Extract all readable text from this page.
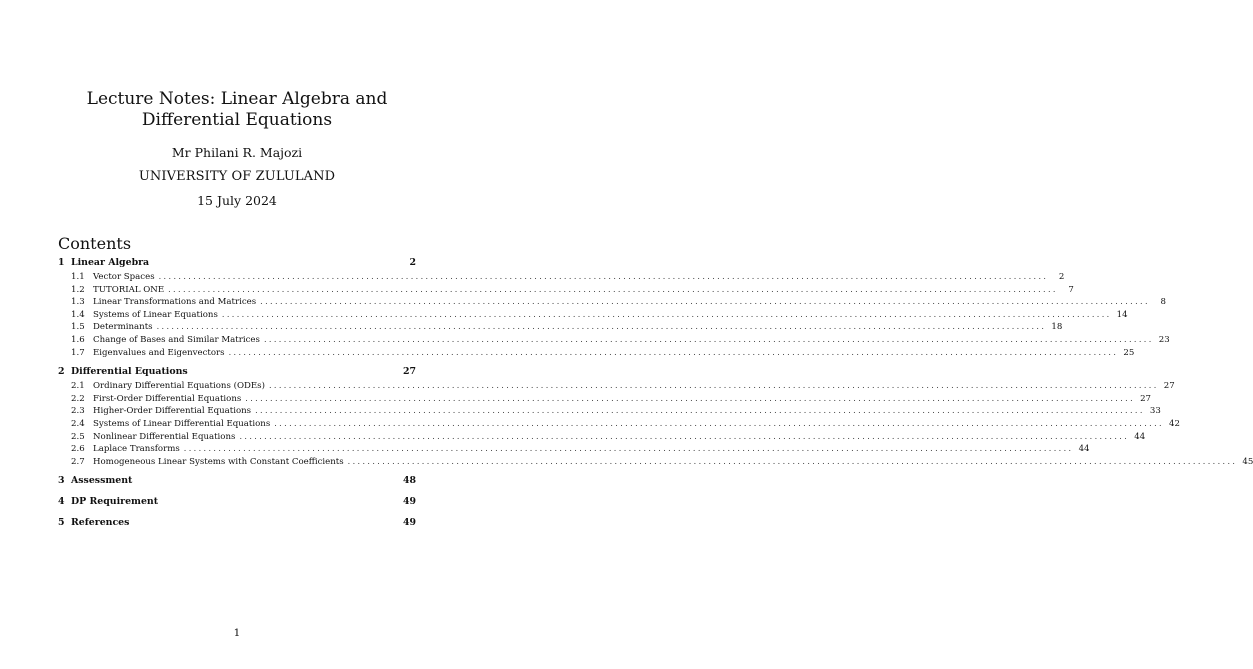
Lecture Notes: Linear Algebra and Differential Equations
Mr Philani R. Majozi
UNIVERSITY OF ZULULAND
15 July 2024
Contents
1 Linear Algebra	2
1.1 Vector Spaces ....................................................................................................................................................................................	2
1.2 TUTORIAL ONE ....................................................................................................................................................................................	7
1.3 Linear Transformations and Matrices ....................................................................................................................................................................................	8
1.4 Systems of Linear Equations .................................................................................................................................................................................... 14
1.5 Determinants .................................................................................................................................................................................... 18
1.6 Change of Bases and Similar Matrices .................................................................................................................................................................................... 23
1.7 Eigenvalues and Eigenvectors .................................................................................................................................................................................... 25
2 Differential Equations	27
2.1 Ordinary Differential Equations (ODEs) .................................................................................................................................................................................... 27
2.2 First-Order Differential Equations .................................................................................................................................................................................... 27
2.3 Higher-Order Differential Equations .................................................................................................................................................................................... 33
2.4 Systems of Linear Differential Equations .................................................................................................................................................................................... 42
2.5 Nonlinear Differential Equations .................................................................................................................................................................................... 44
2.6 Laplace Transforms .................................................................................................................................................................................... 44
2.7 Homogeneous Linear Systems with Constant Coefficients .................................................................................................................................................................................... 45
3 Assessment	48
4 DP Requirement	49
5 References	49
1
